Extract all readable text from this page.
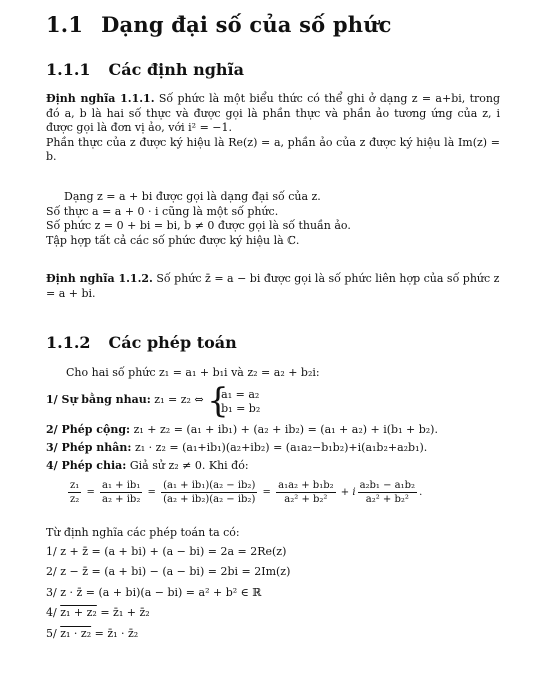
1.1 Dạng đại số của số phức
1.1.1 Các định nghĩa
Định nghĩa 1.1.1. Số phức là một biểu thức có thể ghi ở dạng z = a+bi, trong đó a, b là hai số thực và được gọi là phần thực và phần ảo tương ứng của z, i được gọi là đơn vị ảo, với i² = −1.
Phần thực của z được ký hiệu là Re(z) = a, phần ảo của z được ký hiệu là Im(z) = b.
Dạng z = a + bi được gọi là dạng đại số của z.
Số thực a = a + 0 · i cũng là một số phức.
Số phức z = 0 + bi = bi, b ≠ 0 được gọi là số thuần ảo.
Tập hợp tất cả các số phức được ký hiệu là ℂ.
Định nghĩa 1.1.2. Số phức z̄ = a − bi được gọi là số phức liên hợp của số phức z = a + bi.
1.1.2 Các phép toán
Cho hai số phức z₁ = a₁ + b₁i và z₂ = a₂ + b₂i:
1/ Sự bằng nhau: z₁ = z₂ ⇔ {
a₁ = a₂
b₁ = b₂
2/ Phép cộng: z₁ + z₂ = (a₁ + ib₁) + (a₂ + ib₂) = (a₁ + a₂) + i(b₁ + b₂).
3/ Phép nhân: z₁ · z₂ = (a₁+ib₁)(a₂+ib₂) = (a₁a₂−b₁b₂)+i(a₁b₂+a₂b₁).
4/ Phép chia: Giả sử z₂ ≠ 0. Khi đó:
$\frac{\text{z₁}}{\text{z₂}} = \frac{\text{a₁ + ib₁}}{\text{a₂ + ib₂}} = \frac{\text{(a₁ + ib₁)(a₂ − ib₂)}}{\text{(a₂ + ib₂)(a₂ − ib₂)}} = \frac{\text{a₁a₂ + b₁b₂}}{\text{a₂² + b₂²}} + i \frac{\text{a₂b₁ − a₁b₂}}{\text{a₂² + b₂²}}$ .
Từ định nghĩa các phép toán ta có:
1/ z + z̄ = (a + bi) + (a − bi) = 2a = 2Re(z)
2/ z − z̄ = (a + bi) − (a − bi) = 2bi = 2Im(z)
3/ z · z̄ = (a + bi)(a − bi) = a² + b² ∈ ℝ
4/ z₁ + z₂ = z̄₁ + z̄₂
5/ z₁ · z₂ = z̄₁ · z̄₂
